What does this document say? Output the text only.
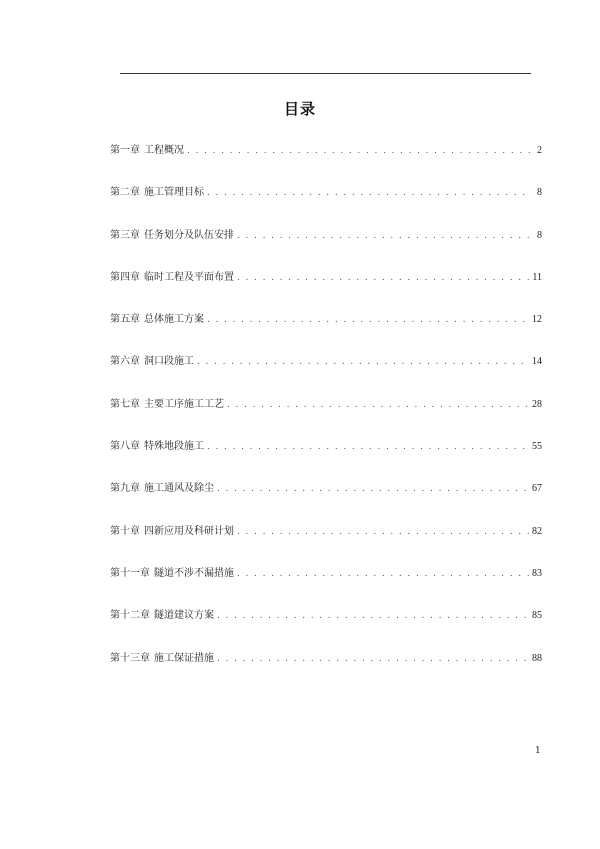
目录
第一章 工程概况 . . .	2
第二章 施工管理目标 . . .	8
第三章 任务划分及队伍安排 . . .	8
第四章 临时工程及平面布置 . . .	11
第五章 总体施工方案 . . .	12
第六章 洞口段施工 . . .	14
第七章 主要工序施工工艺 . . .	28
第八章 特殊地段施工 . . .	55
第九章 施工通风及除尘 . . .	67
第十章 四新应用及科研计划 . . .	82
第十一章 隧道不涉不漏措施 . . .	83
第十二章 隧道建议方案 . . .	85
第十三章 施工保证措施 . . .	88
1
